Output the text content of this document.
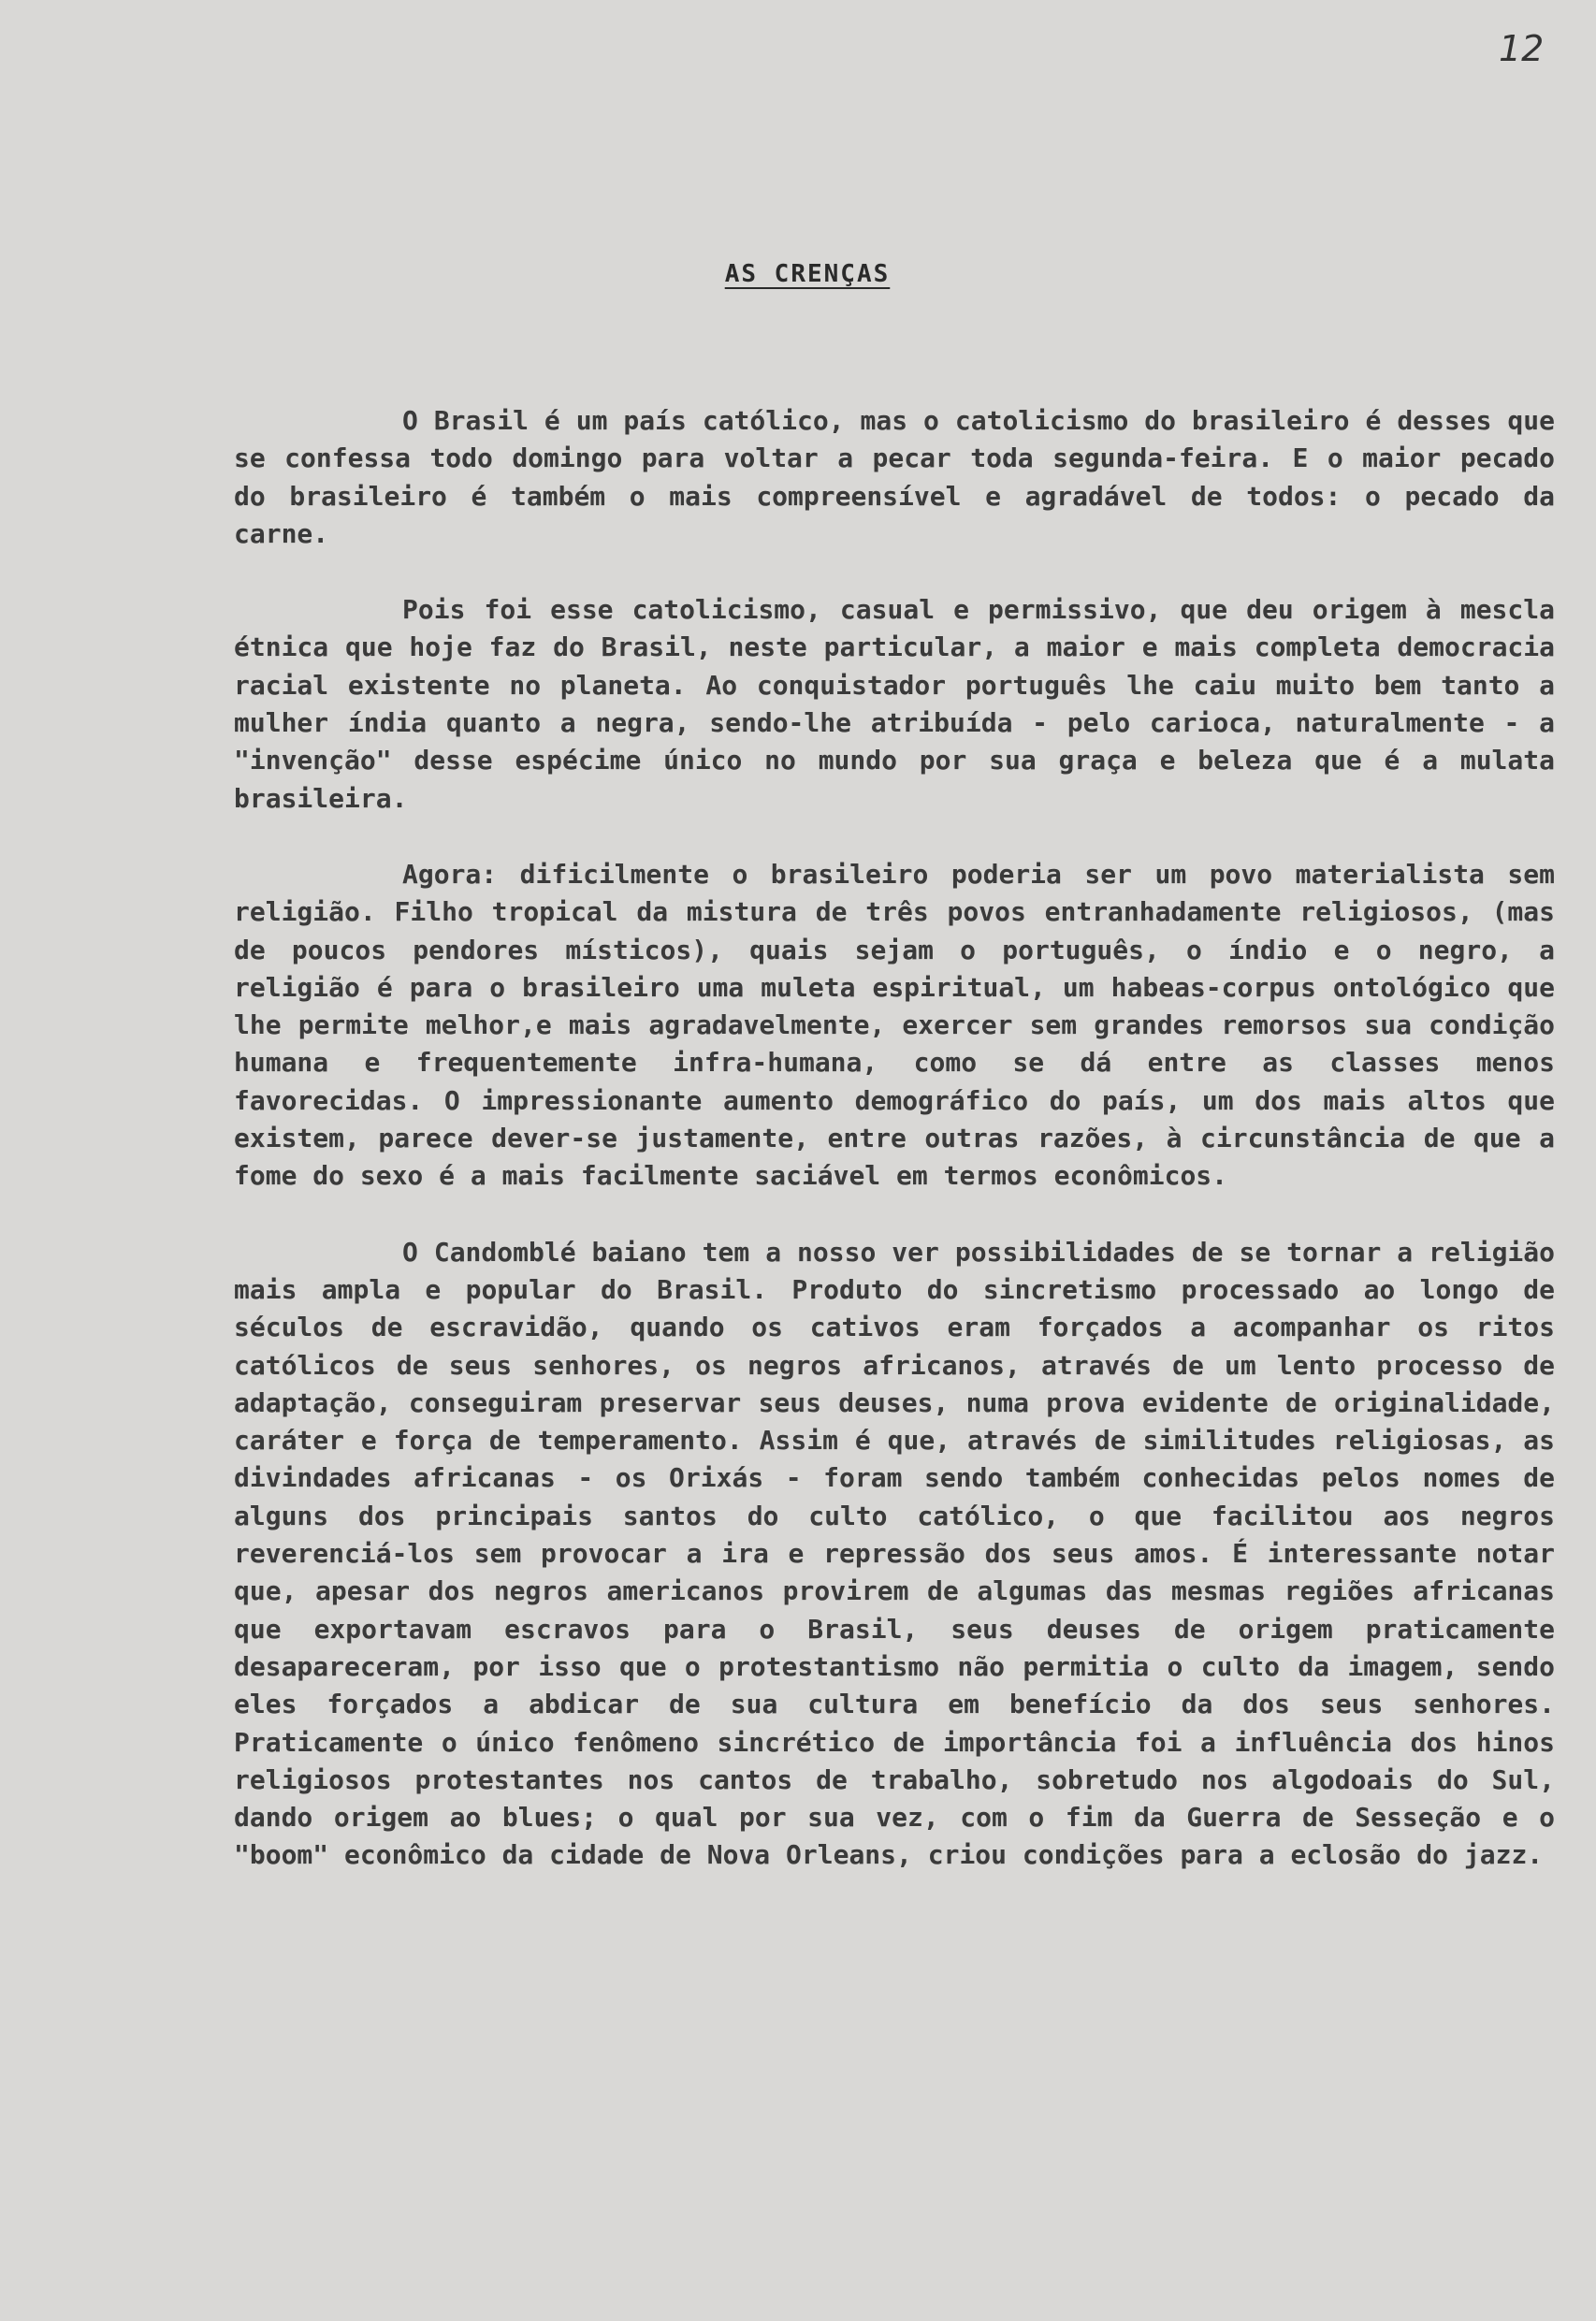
12
AS CRENÇAS

O Brasil é um país católico, mas o catolicismo do brasileiro é desses que se confessa todo domingo para voltar a pecar toda segunda-feira. E o maior pecado do brasileiro é também o mais compreensível e agradável de todos: o pecado da carne.

Pois foi esse catolicismo, casual e permissivo, que deu origem à mescla étnica que hoje faz do Brasil, neste particular, a maior e mais completa democracia racial existente no planeta. Ao conquistador português lhe caiu muito bem tanto a mulher índia quanto a negra, sendo-lhe atribuída - pelo carioca, naturalmente - a "invenção" desse espécime único no mundo por sua graça e beleza que é a mulata brasileira.

Agora: dificilmente o brasileiro poderia ser um povo materialista sem religião. Filho tropical da mistura de três povos entranhadamente religiosos, (mas de poucos pendores místicos), quais sejam o português, o índio e o negro, a religião é para o brasileiro uma muleta espiritual, um habeas-corpus ontológico que lhe permite melhor,e mais agradavelmente, exercer sem grandes remorsos sua condição humana e frequentemente infra-humana, como se dá entre as classes menos favorecidas. O impressionante aumento demográfico do país, um dos mais altos que existem, parece dever-se justamente, entre outras razões, à circunstância de que a fome do sexo é a mais facilmente saciável em termos econômicos.

O Candomblé baiano tem a nosso ver possibilidades de se tornar a religião mais ampla e popular do Brasil. Produto do sincretismo processado ao longo de séculos de escravidão, quando os cativos eram forçados a acompanhar os ritos católicos de seus senhores, os negros africanos, através de um lento processo de adaptação, conseguiram preservar seus deuses, numa prova evidente de originalidade, caráter e força de temperamento. Assim é que, através de similitudes religiosas, as divindades africanas - os Orixás - foram sendo também conhecidas pelos nomes de alguns dos principais santos do culto católico, o que facilitou aos negros reverenciá-los sem provocar a ira e repressão dos seus amos. É interessante notar que, apesar dos negros americanos provirem de algumas das mesmas regiões africanas que exportavam escravos para o Brasil, seus deuses de origem praticamente desapareceram, por isso que o protestantismo não permitia o culto da imagem, sendo eles forçados a abdicar de sua cultura em benefício da dos seus senhores. Praticamente o único fenômeno sincrético de importância foi a influência dos hinos religiosos protestantes nos cantos de trabalho, sobretudo nos algodoais do Sul, dando origem ao blues; o qual por sua vez, com o fim da Guerra de Sesseção e o "boom" econômico da cidade de Nova Orleans, criou condições para a eclosão do jazz.
